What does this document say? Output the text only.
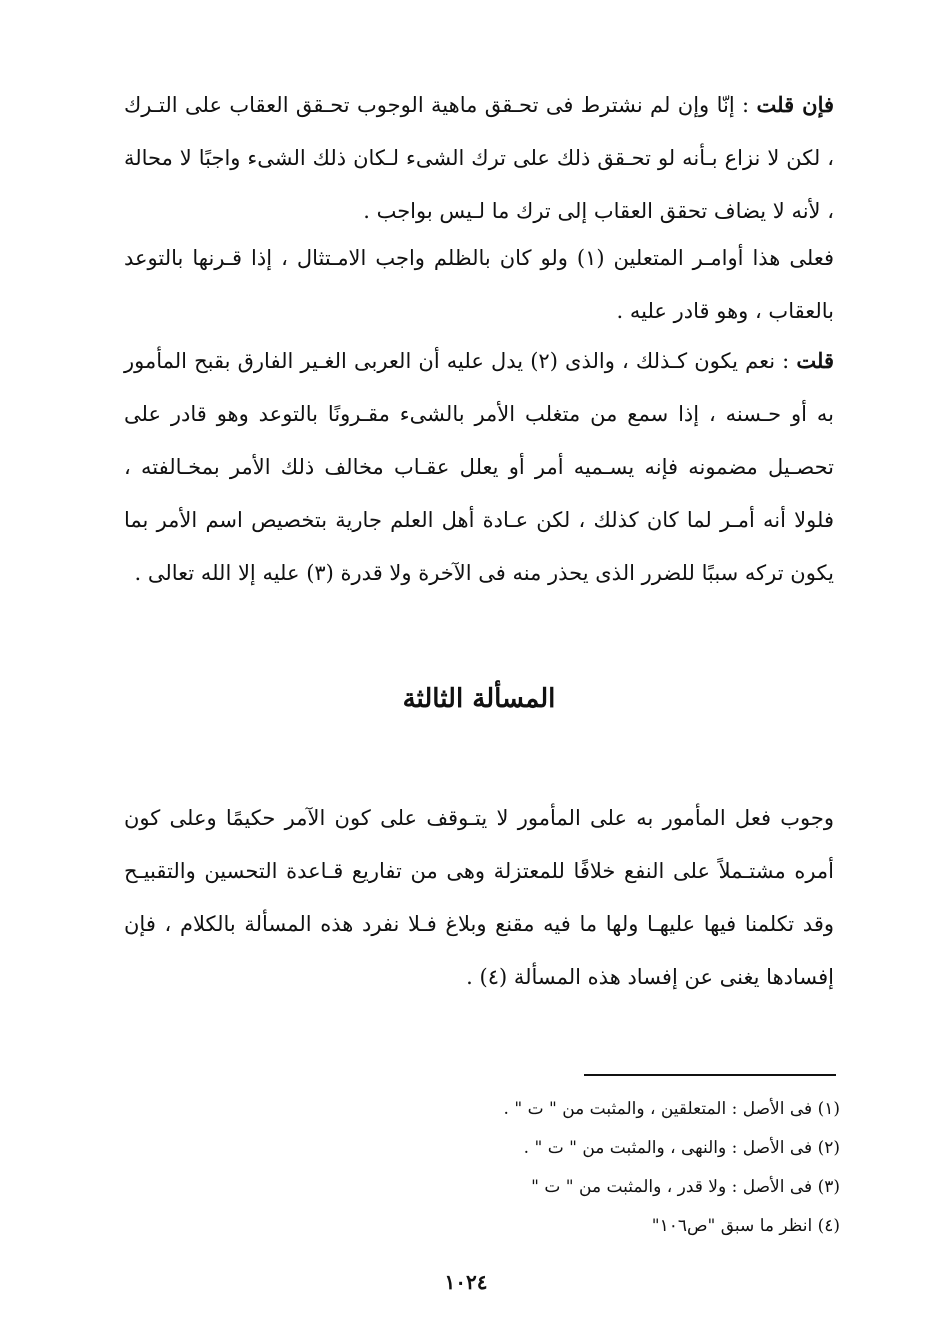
فإن قلت : إنّا وإن لم نشترط فى تحـقق ماهية الوجوب تحـقق العقاب على التـرك ، لكن لا نزاع بـأنه لو تحـقق ذلك على ترك الشىء لـكان ذلك الشىء واجبًا لا محالة ، لأنه لا يضاف تحقق العقاب إلى ترك ما لـيس بواجب .

فعلى هذا أوامـر المتعلين (١) ولو كان بالظلم واجب الامـتثال ، إذا قـرنها بالتوعد بالعقاب ، وهو قادر عليه .

قلت : نعم يكون كـذلك ، والذى (٢) يدل عليه أن العربى الغـير الفارق بقبح المأمور به أو حـسنه ، إذا سمع من متغلب الأمر بالشىء مقـرونًا بالتوعد وهو قادر على تحصـيل مضمونه فإنه يسـميه أمر أو يعلل عقـاب مخالف ذلك الأمر بمخـالفته ، فلولا أنه أمـر لما كان كذلك ، لكن عـادة أهل العلم جارية بتخصيص اسم الأمر بما يكون تركه سببًا للضرر الذى يحذر منه فى الآخرة ولا قدرة (٣) عليه إلا الله تعالى .

المسألة الثالثة

وجوب فعل المأمور به على المأمور لا يتـوقف على كون الآمر حكيمًا وعلى كون أمره مشتـملاً على النفع خلافًا للمعتزلة وهى من تفاريع قـاعدة التحسين والتقبيـح وقد تكلمنا فيها عليهـا ولها ما فيه مقنع وبلاغ فـلا نفرد هذه المسألة بالكلام ، فإن إفسادها يغنى عن إفساد هذه المسألة (٤) .

(١) فى الأصل : المتعلقين ، والمثبت من " ت " .
(٢) فى الأصل : والنهى ، والمثبت من " ت " .
(٣) فى الأصل : ولا قدر ، والمثبت من " ت "
(٤) انظر ما سبق "ص١٠٦"
١٠٢٤
